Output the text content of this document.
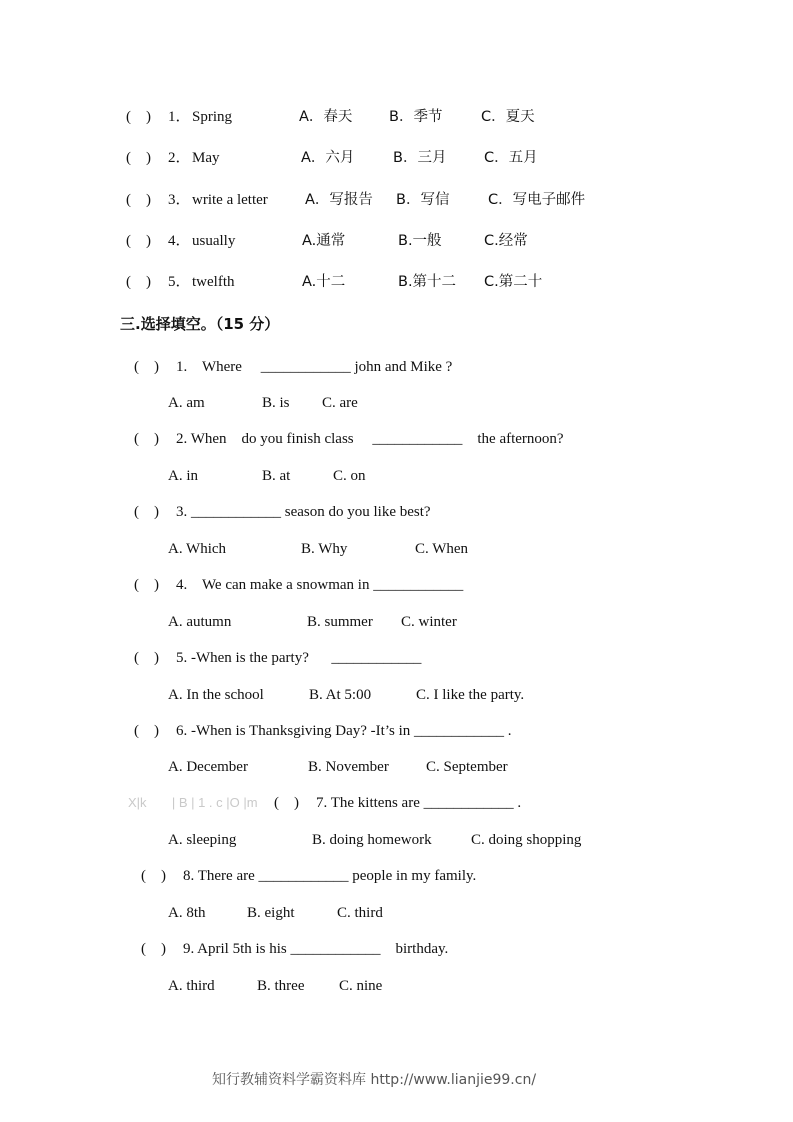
(    ) 1． Spring	A．春天	B．季节	C．夏天
(    ) 2． May	A．六月	B．三月	C．五月
(    ) 3． write a letter	A．写报告 B．写信	C．写电子邮件
(    ) 4． usually	A.通常	B.一般	C.经常
(    ) 5． twelfth	A.十二	B.第十二 C.第二十
三.选择填空。（15 分）
(    ) 1.    Where     ____________ john and Mike ?
A. am	B. is C. are
(    ) 2. When    do you finish class     ____________    the afternoon?
A. in	B. at	C. on
(    ) 3. ____________ season do you like best?
A. Which	B. Why	C. When
(    ) 4.    We can make a snowman in ____________
A. autumn	B. summer C. winter
(    ) 5. -When is the party?      ____________
A. In the school	B. At 5:00	C. I like the party.
(    ) 6. -When is Thanksgiving Day? -It’s in ____________ .
A. December	B. November C. September
X|k       | B | 1 . c |O |m (    ) 7. The kittens are ____________ .
A. sleeping	B. doing homework	C. doing shopping
(    ) 8. There are ____________ people in my family.
A. 8th	B. eight	C. third
(    ) 9. April 5th is his ____________    birthday.
A. third	B. three C. nine
知行教辅资料学霸资料库 http://www.lianjie99.cn/
